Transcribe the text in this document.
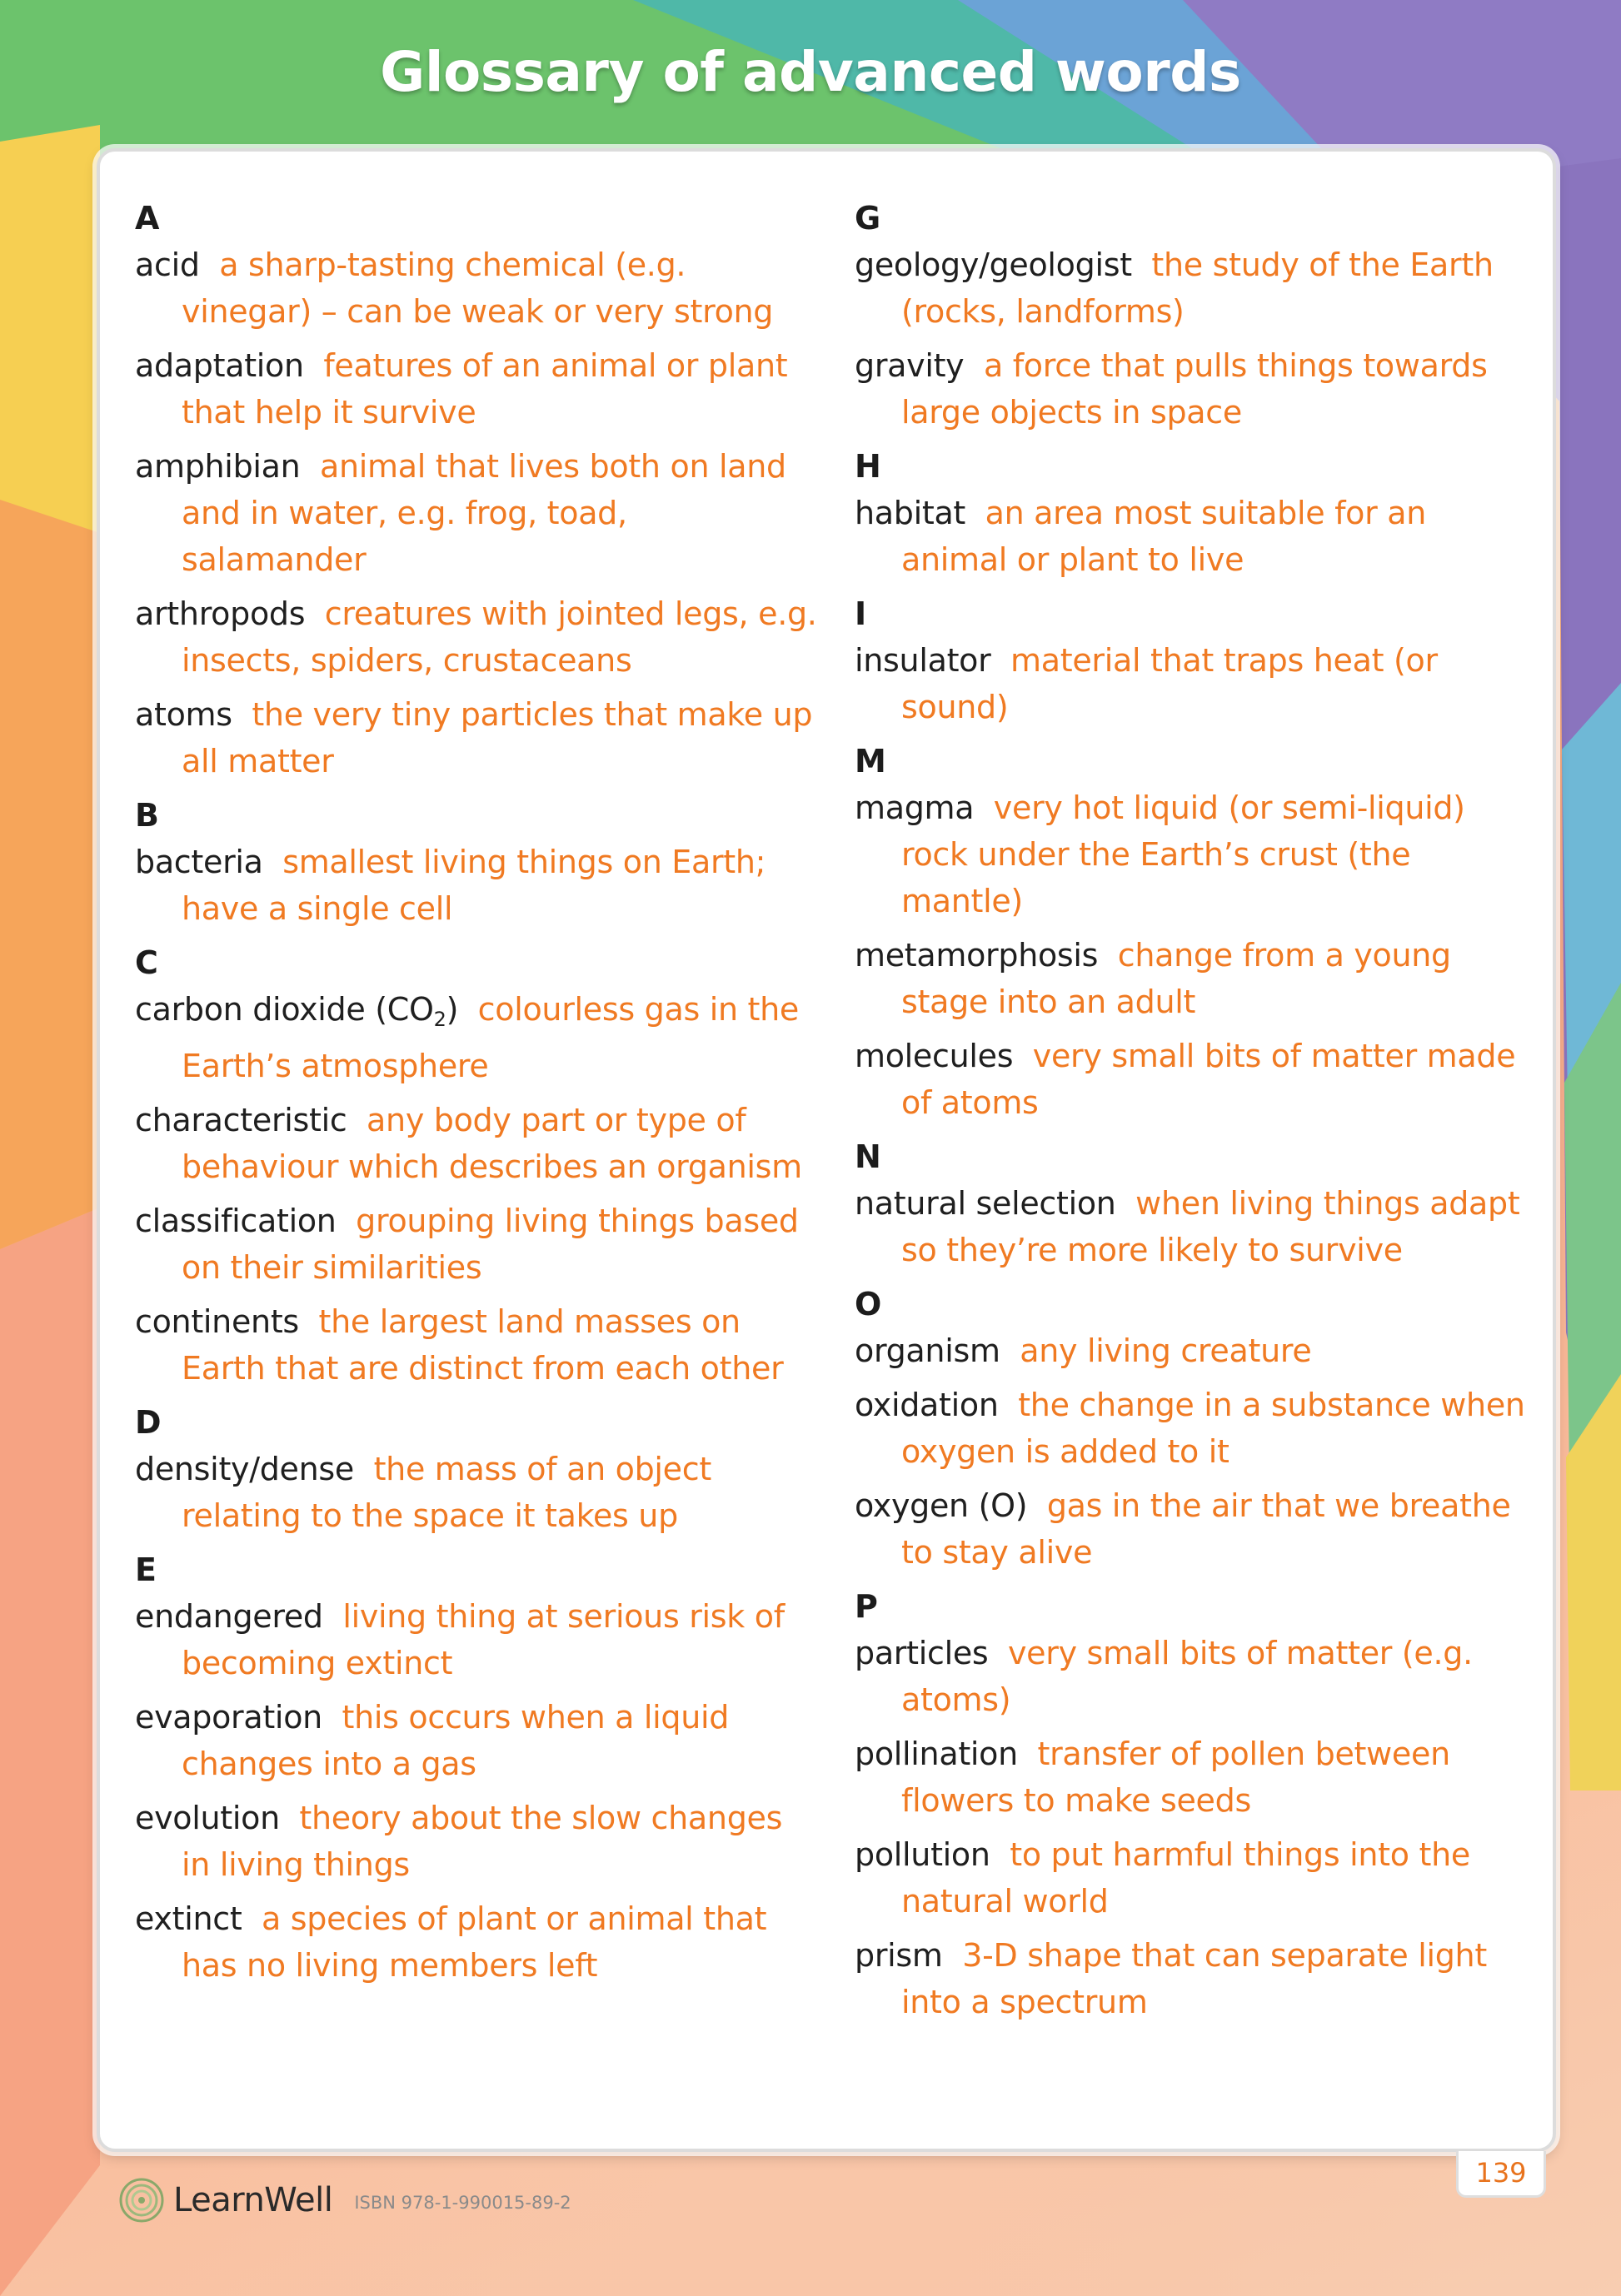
Glossary of advanced words

A

acid a sharp-tasting chemical (e.g. vinegar) – can be weak or very strong

adaptation features of an animal or plant that help it survive

amphibian animal that lives both on land and in water, e.g. frog, toad, salamander

arthropods creatures with jointed legs, e.g. insects, spiders, crustaceans

atoms the very tiny particles that make up all matter

B

bacteria smallest living things on Earth; have a single cell

C

carbon dioxide $(CO_2)$ colourless gas in the Earth’s atmosphere

characteristic any body part or type of behaviour which describes an organism

classification grouping living things based on their similarities

continents the largest land masses on Earth that are distinct from each other

D

density/dense the mass of an object relating to the space it takes up

E

endangered living thing at serious risk of becoming extinct

evaporation this occurs when a liquid changes into a gas

evolution theory about the slow changes in living things

extinct a species of plant or animal that has no living members left

G

geology/geologist the study of the Earth (rocks, landforms)

gravity a force that pulls things towards large objects in space

H

habitat an area most suitable for an animal or plant to live

I

insulator material that traps heat (or sound)

M

magma very hot liquid (or semi-liquid) rock under the Earth’s crust (the mantle)

metamorphosis change from a young stage into an adult

molecules very small bits of matter made of atoms

N

natural selection when living things adapt so they’re more likely to survive

O

organism any living creature

oxidation the change in a substance when oxygen is added to it

oxygen (O) gas in the air that we breathe to stay alive

P

particles very small bits of matter (e.g. atoms)

pollination transfer of pollen between flowers to make seeds

pollution to put harmful things into the natural world

prism 3-D shape that can separate light into a spectrum

139
LearnWell ISBN 978-1-990015-89-2
